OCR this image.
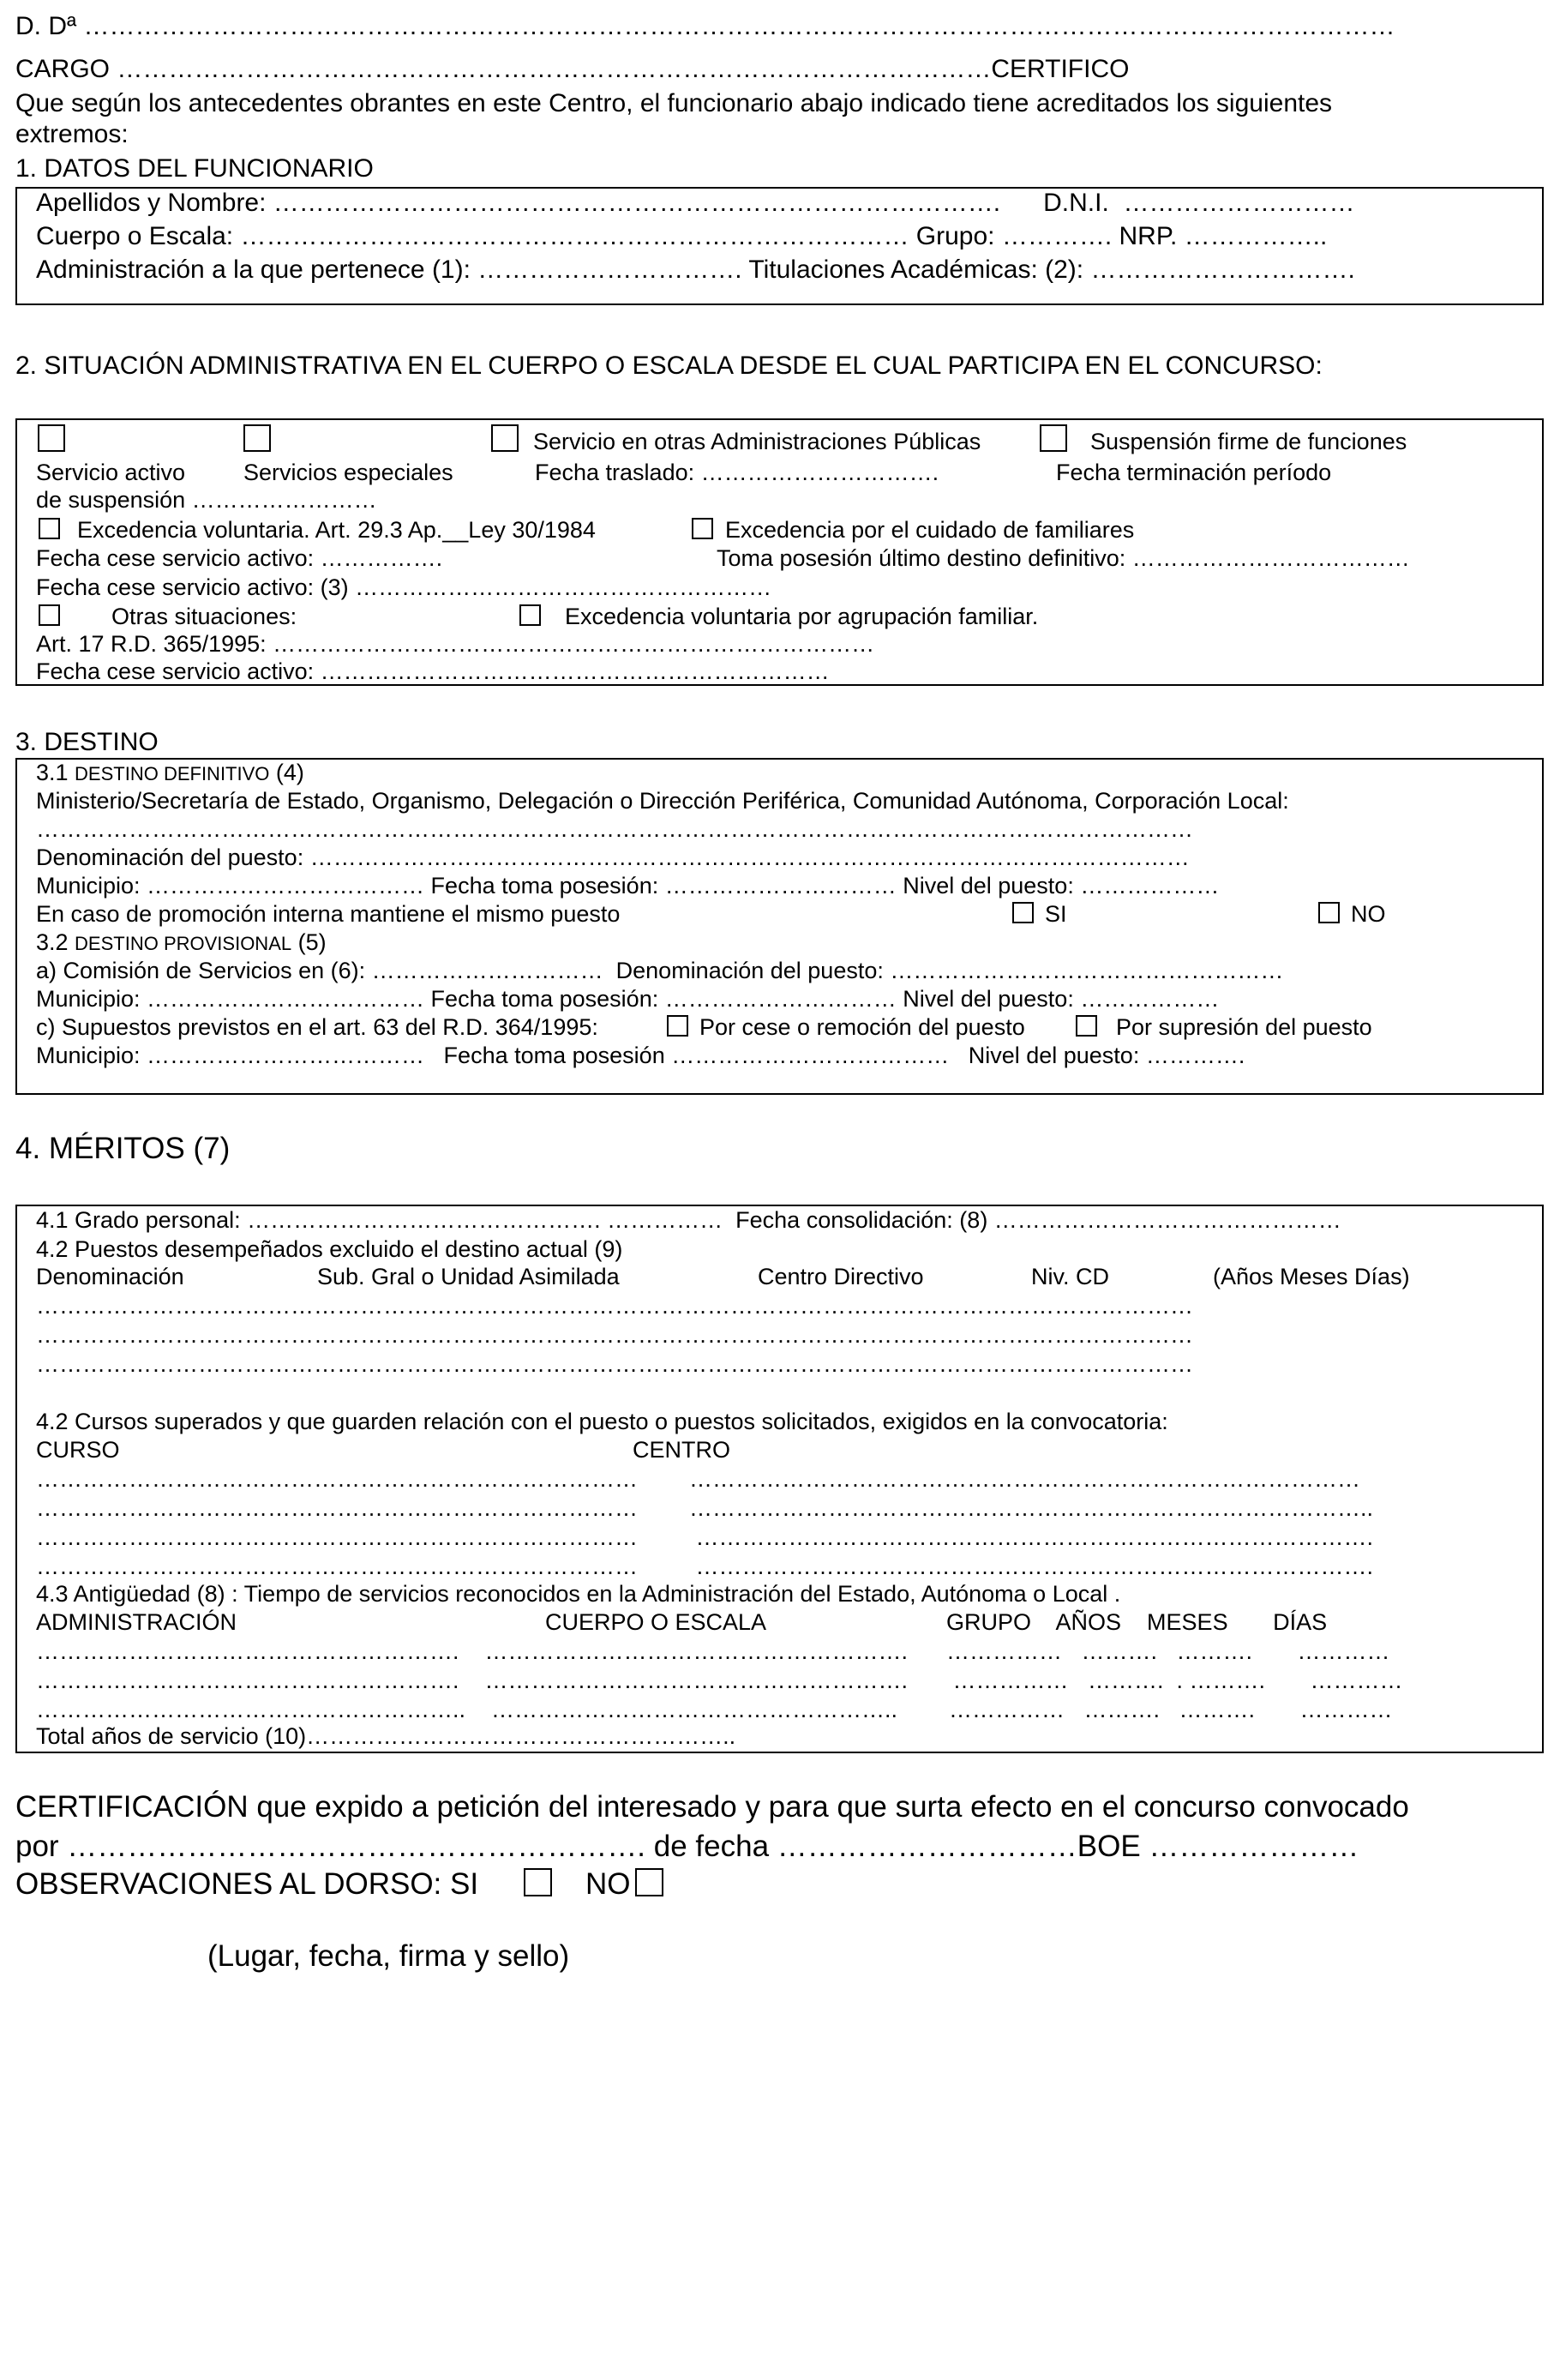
D. Dª ………………………………………………………………………………………………………………………………………
CARGO …………………………………………………………………………………………CERTIFICO
Que según los antecedentes obrantes en este Centro, el funcionario abajo indicado tiene acreditados los siguientes
extremos:
1. DATOS DEL FUNCIONARIO
Apellidos y Nombre: ………………………………………………………………………….      D.N.I.  ………………………
Cuerpo o Escala: …………………………………………………………………… Grupo: …………. NRP. ……………..
Administración a la que pertenece (1): …………………………. Titulaciones Académicas: (2): ………………………….
2. SITUACIÓN ADMINISTRATIVA EN EL CUERPO O ESCALA DESDE EL CUAL PARTICIPA EN EL CONCURSO:
Servicio en otras Administraciones Públicas	Suspensión firme de funciones
Servicio activo	Servicios especiales	Fecha traslado: ………………………….	Fecha terminación período
de suspensión ……………………
Excedencia voluntaria. Art. 29.3 Ap.__Ley 30/1984	Excedencia por el cuidado de familiares
Fecha cese servicio activo: …………….	Toma posesión último destino definitivo: ………………………………
Fecha cese servicio activo: (3) ………………………………………………
Otras situaciones:	Excedencia voluntaria por agrupación familiar.
Art. 17 R.D. 365/1995: ……………………………………………………………………
Fecha cese servicio activo: …………………………………………………………
3. DESTINO
3.1 DESTINO DEFINITIVO (4)
Ministerio/Secretaría de Estado, Organismo, Delegación o Dirección Periférica, Comunidad Autónoma, Corporación Local:
……………………………………………………………………………………………………………………………………
Denominación del puesto: ……………………………………………………………………………………………………
Municipio: ……………………………… Fecha toma posesión: ………………………… Nivel del puesto: ………………
En caso de promoción interna mantiene el mismo puesto	SI	NO
3.2 DESTINO PROVISIONAL (5)
a) Comisión de Servicios en (6): …………………………  Denominación del puesto: ……………………………………………
Municipio: ……………………………… Fecha toma posesión: ………………………… Nivel del puesto: ………………
c) Supuestos previstos en el art. 63 del R.D. 364/1995:	Por cese o remoción del puesto	Por supresión del puesto
Municipio: ………………………………   Fecha toma posesión ………………………………   Nivel del puesto: ………….
4. MÉRITOS (7)
4.1 Grado personal: ………………………………………. ……………  Fecha consolidación: (8) ………………………………………
4.2 Puestos desempeñados excluido el destino actual (9)
Denominación	Sub. Gral o Unidad Asimilada	Centro Directivo	Niv. CD	(Años Meses Días)
……………………………………………………………………………………………………………………………………
……………………………………………………………………………………………………………………………………
……………………………………………………………………………………………………………………………………
4.2 Cursos superados y que guarden relación con el puesto o puestos solicitados, exigidos en la convocatoria:
CURSO	CENTRO
……………………………………………………………………        ……………………………………………………………………………
……………………………………………………………………        ……………………………………………………………………………..
……………………………………………………………………         …………………………………………………………………………….
……………………………………………………………………         …………………………………………………………………………….
4.3 Antigüedad (8) : Tiempo de servicios reconocidos en la Administración del Estado, Autónoma o Local .
ADMINISTRACIÓN	CUERPO O ESCALA	GRUPO    AÑOS    MESES       DÍAS
……………………………………………….    ……………………………………………….      ……………   ……….   ……….       …………
……………………………………………….    ……………………………………………….       ……………   ……….  . ……….       …………
………………………………………………..    ……………………………………………..        ……………   ……….   ……….       …………
Total años de servicio (10)………………………………………………..
CERTIFICACIÓN que expido a petición del interesado y para que surta efecto en el concurso convocado
por …………………………………………………. de fecha …………………………BOE …………………
OBSERVACIONES AL DORSO: SI	NO
(Lugar, fecha, firma y sello)
